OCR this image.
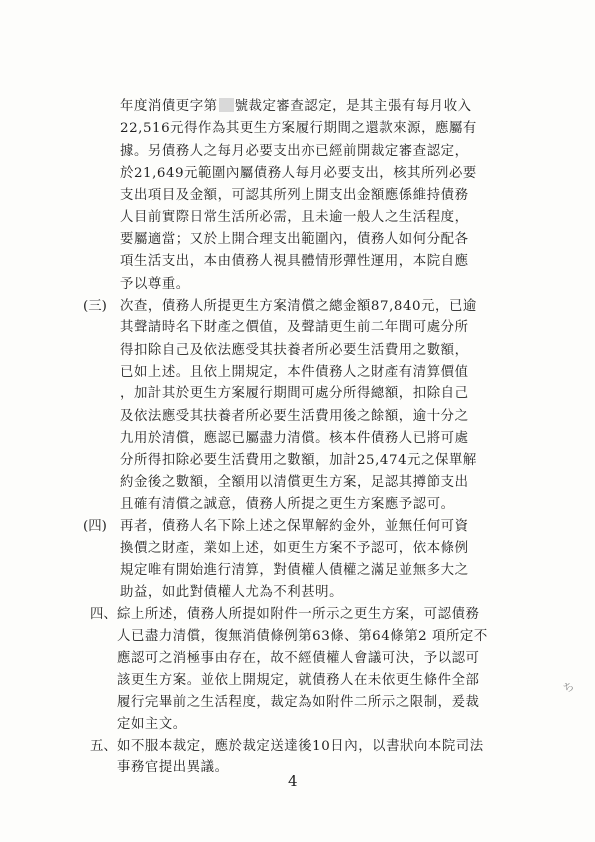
年度消債更字第 號裁定審查認定，是其主張有每月收入
22,516元得作為其更生方案履行期間之還款來源，應屬有
據。另債務人之每月必要支出亦已經前開裁定審查認定，
於21,649元範圍內屬債務人每月必要支出，核其所列必要
支出項目及金額，可認其所列上開支出金額應係維持債務
人目前實際日常生活所必需，且未逾一般人之生活程度，
要屬適當；又於上開合理支出範圍內，債務人如何分配各
項生活支出，本由債務人視具體情形彈性運用，本院自應
予以尊重。
(三) 次查，債務人所提更生方案清償之總金額87,840元，已逾
其聲請時名下財產之價值，及聲請更生前二年間可處分所
得扣除自己及依法應受其扶養者所必要生活費用之數額，
已如上述。且依上開規定，本件債務人之財產有清算價值
，加計其於更生方案履行期間可處分所得總額，扣除自己
及依法應受其扶養者所必要生活費用後之餘額，逾十分之
九用於清償，應認已屬盡力清償。核本件債務人已將可處
分所得扣除必要生活費用之數額，加計25,474元之保單解
約金後之數額，全額用以清償更生方案，足認其撙節支出
且確有清償之誠意，債務人所提之更生方案應予認可。
(四) 再者，債務人名下除上述之保單解約金外，並無任何可資
換價之財產，業如上述，如更生方案不予認可，依本條例
規定唯有開始進行清算，對債權人債權之滿足並無多大之
助益，如此對債權人尤為不利甚明。
四、 綜上所述，債務人所提如附件一所示之更生方案，可認債務
人已盡力清償，復無消債條例第63條、第64條第2 項所定不
應認可之消極事由存在，故不經債權人會議可決，予以認可
該更生方案。並依上開規定，就債務人在未依更生條件全部
履行完畢前之生活程度，裁定為如附件二所示之限制，爰裁
定如主文。
五、 如不服本裁定，應於裁定送達後10日內，以書狀向本院司法
事務官提出異議。
4
ち
